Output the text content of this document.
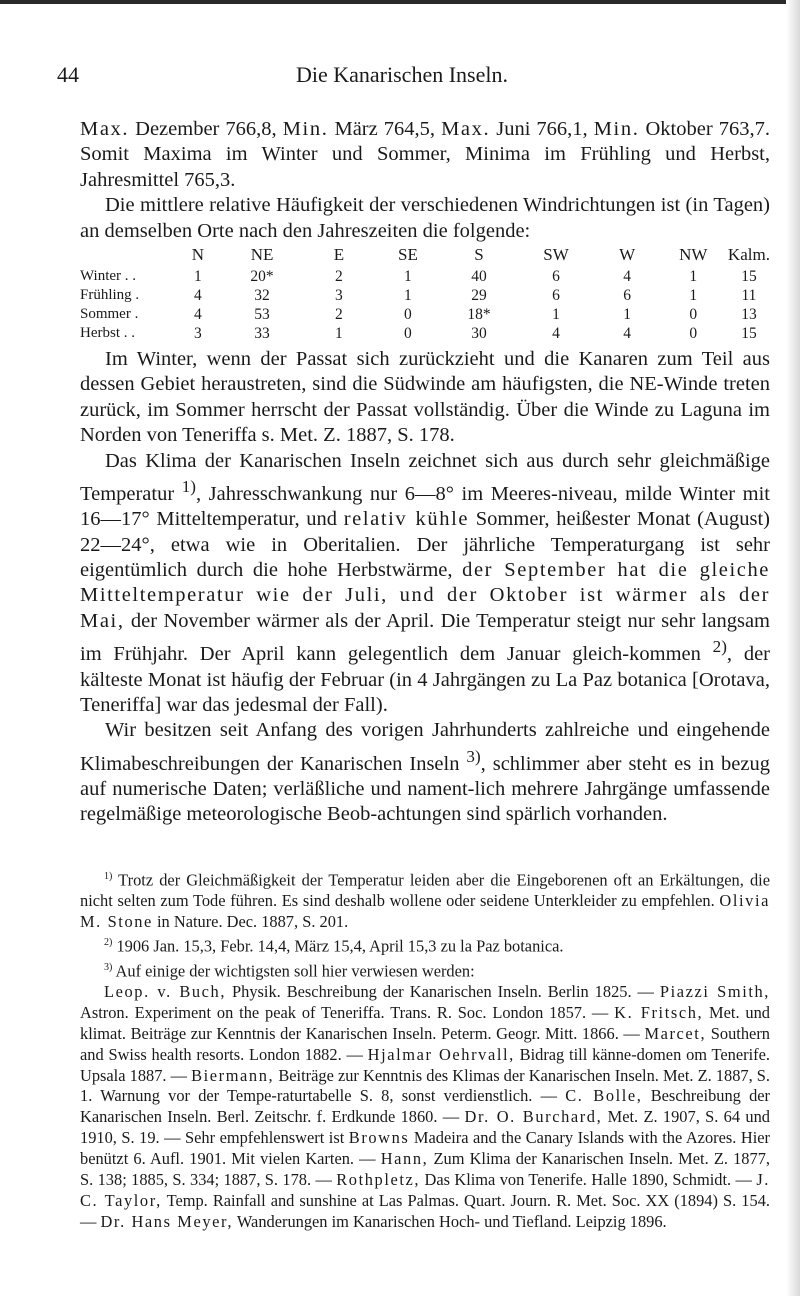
44	Die Kanarischen Inseln.

Max. Dezember 766,8, Min. März 764,5, Max. Juni 766,1, Min. Oktober 763,7. Somit Maxima im Winter und Sommer, Minima im Frühling und Herbst, Jahresmittel 765,3.

Die mittlere relative Häufigkeit der verschiedenen Windrichtungen ist (in Tagen) an demselben Orte nach den Jahreszeiten die folgende:

	N	NE	E	SE	S	SW	W	NW	Kalm.
Winter . .	1	20*	2	1	40	6	4	1	15
Frühling .	4	32	3	1	29	6	6	1	11
Sommer .	4	53	2	0	18*	1	1	0	13
Herbst . .	3	33	1	0	30	4	4	0	15

Im Winter, wenn der Passat sich zurückzieht und die Kanaren zum Teil aus dessen Gebiet heraustreten, sind die Südwinde am häufigsten, die NE-Winde treten zurück, im Sommer herrscht der Passat vollständig. Über die Winde zu Laguna im Norden von Teneriffa s. Met. Z. 1887, S. 178.

Das Klima der Kanarischen Inseln zeichnet sich aus durch sehr gleichmäßige Temperatur $^{1)}$, Jahresschwankung nur 6—8° im Meeres-niveau, milde Winter mit 16—17° Mitteltemperatur, und relativ kühle Sommer, heißester Monat (August) 22—24°, etwa wie in Oberitalien. Der jährliche Temperaturgang ist sehr eigentümlich durch die hohe Herbstwärme, der September hat die gleiche Mitteltemperatur wie der Juli, und der Oktober ist wärmer als der Mai, der November wärmer als der April. Die Temperatur steigt nur sehr langsam im Frühjahr. Der April kann gelegentlich dem Januar gleich-kommen $^{2)}$, der kälteste Monat ist häufig der Februar (in 4 Jahrgängen zu La Paz botanica [Orotava, Teneriffa] war das jedesmal der Fall).

Wir besitzen seit Anfang des vorigen Jahrhunderts zahlreiche und eingehende Klimabeschreibungen der Kanarischen Inseln $^{3)}$, schlimmer aber steht es in bezug auf numerische Daten; verläßliche und nament-lich mehrere Jahrgänge umfassende regelmäßige meteorologische Beob-achtungen sind spärlich vorhanden.

$^{1)}$ Trotz der Gleichmäßigkeit der Temperatur leiden aber die Eingeborenen oft an Erkältungen, die nicht selten zum Tode führen. Es sind deshalb wollene oder seidene Unterkleider zu empfehlen. Olivia M. Stone in Nature. Dec. 1887, S. 201.

$^{2)}$ 1906 Jan. 15,3, Febr. 14,4, März 15,4, April 15,3 zu la Paz botanica.

$^{3)}$ Auf einige der wichtigsten soll hier verwiesen werden:

Leop. v. Buch, Physik. Beschreibung der Kanarischen Inseln. Berlin 1825. — Piazzi Smith, Astron. Experiment on the peak of Teneriffa. Trans. R. Soc. London 1857. — K. Fritsch, Met. und klimat. Beiträge zur Kenntnis der Kanarischen Inseln. Peterm. Geogr. Mitt. 1866. — Marcet, Southern and Swiss health resorts. London 1882. — Hjalmar Oehrvall, Bidrag till känne-domen om Tenerife. Upsala 1887. — Biermann, Beiträge zur Kenntnis des Klimas der Kanarischen Inseln. Met. Z. 1887, S. 1. Warnung vor der Tempe-raturtabelle S. 8, sonst verdienstlich. — C. Bolle, Beschreibung der Kanarischen Inseln. Berl. Zeitschr. f. Erdkunde 1860. — Dr. O. Burchard, Met. Z. 1907, S. 64 und 1910, S. 19. — Sehr empfehlenswert ist Browns Madeira and the Canary Islands with the Azores. Hier benützt 6. Aufl. 1901. Mit vielen Karten. — Hann, Zum Klima der Kanarischen Inseln. Met. Z. 1877, S. 138; 1885, S. 334; 1887, S. 178. — Rothpletz, Das Klima von Tenerife. Halle 1890, Schmidt. — J. C. Taylor, Temp. Rainfall and sunshine at Las Palmas. Quart. Journ. R. Met. Soc. XX (1894) S. 154. — Dr. Hans Meyer, Wanderungen im Kanarischen Hoch- und Tiefland. Leipzig 1896.
